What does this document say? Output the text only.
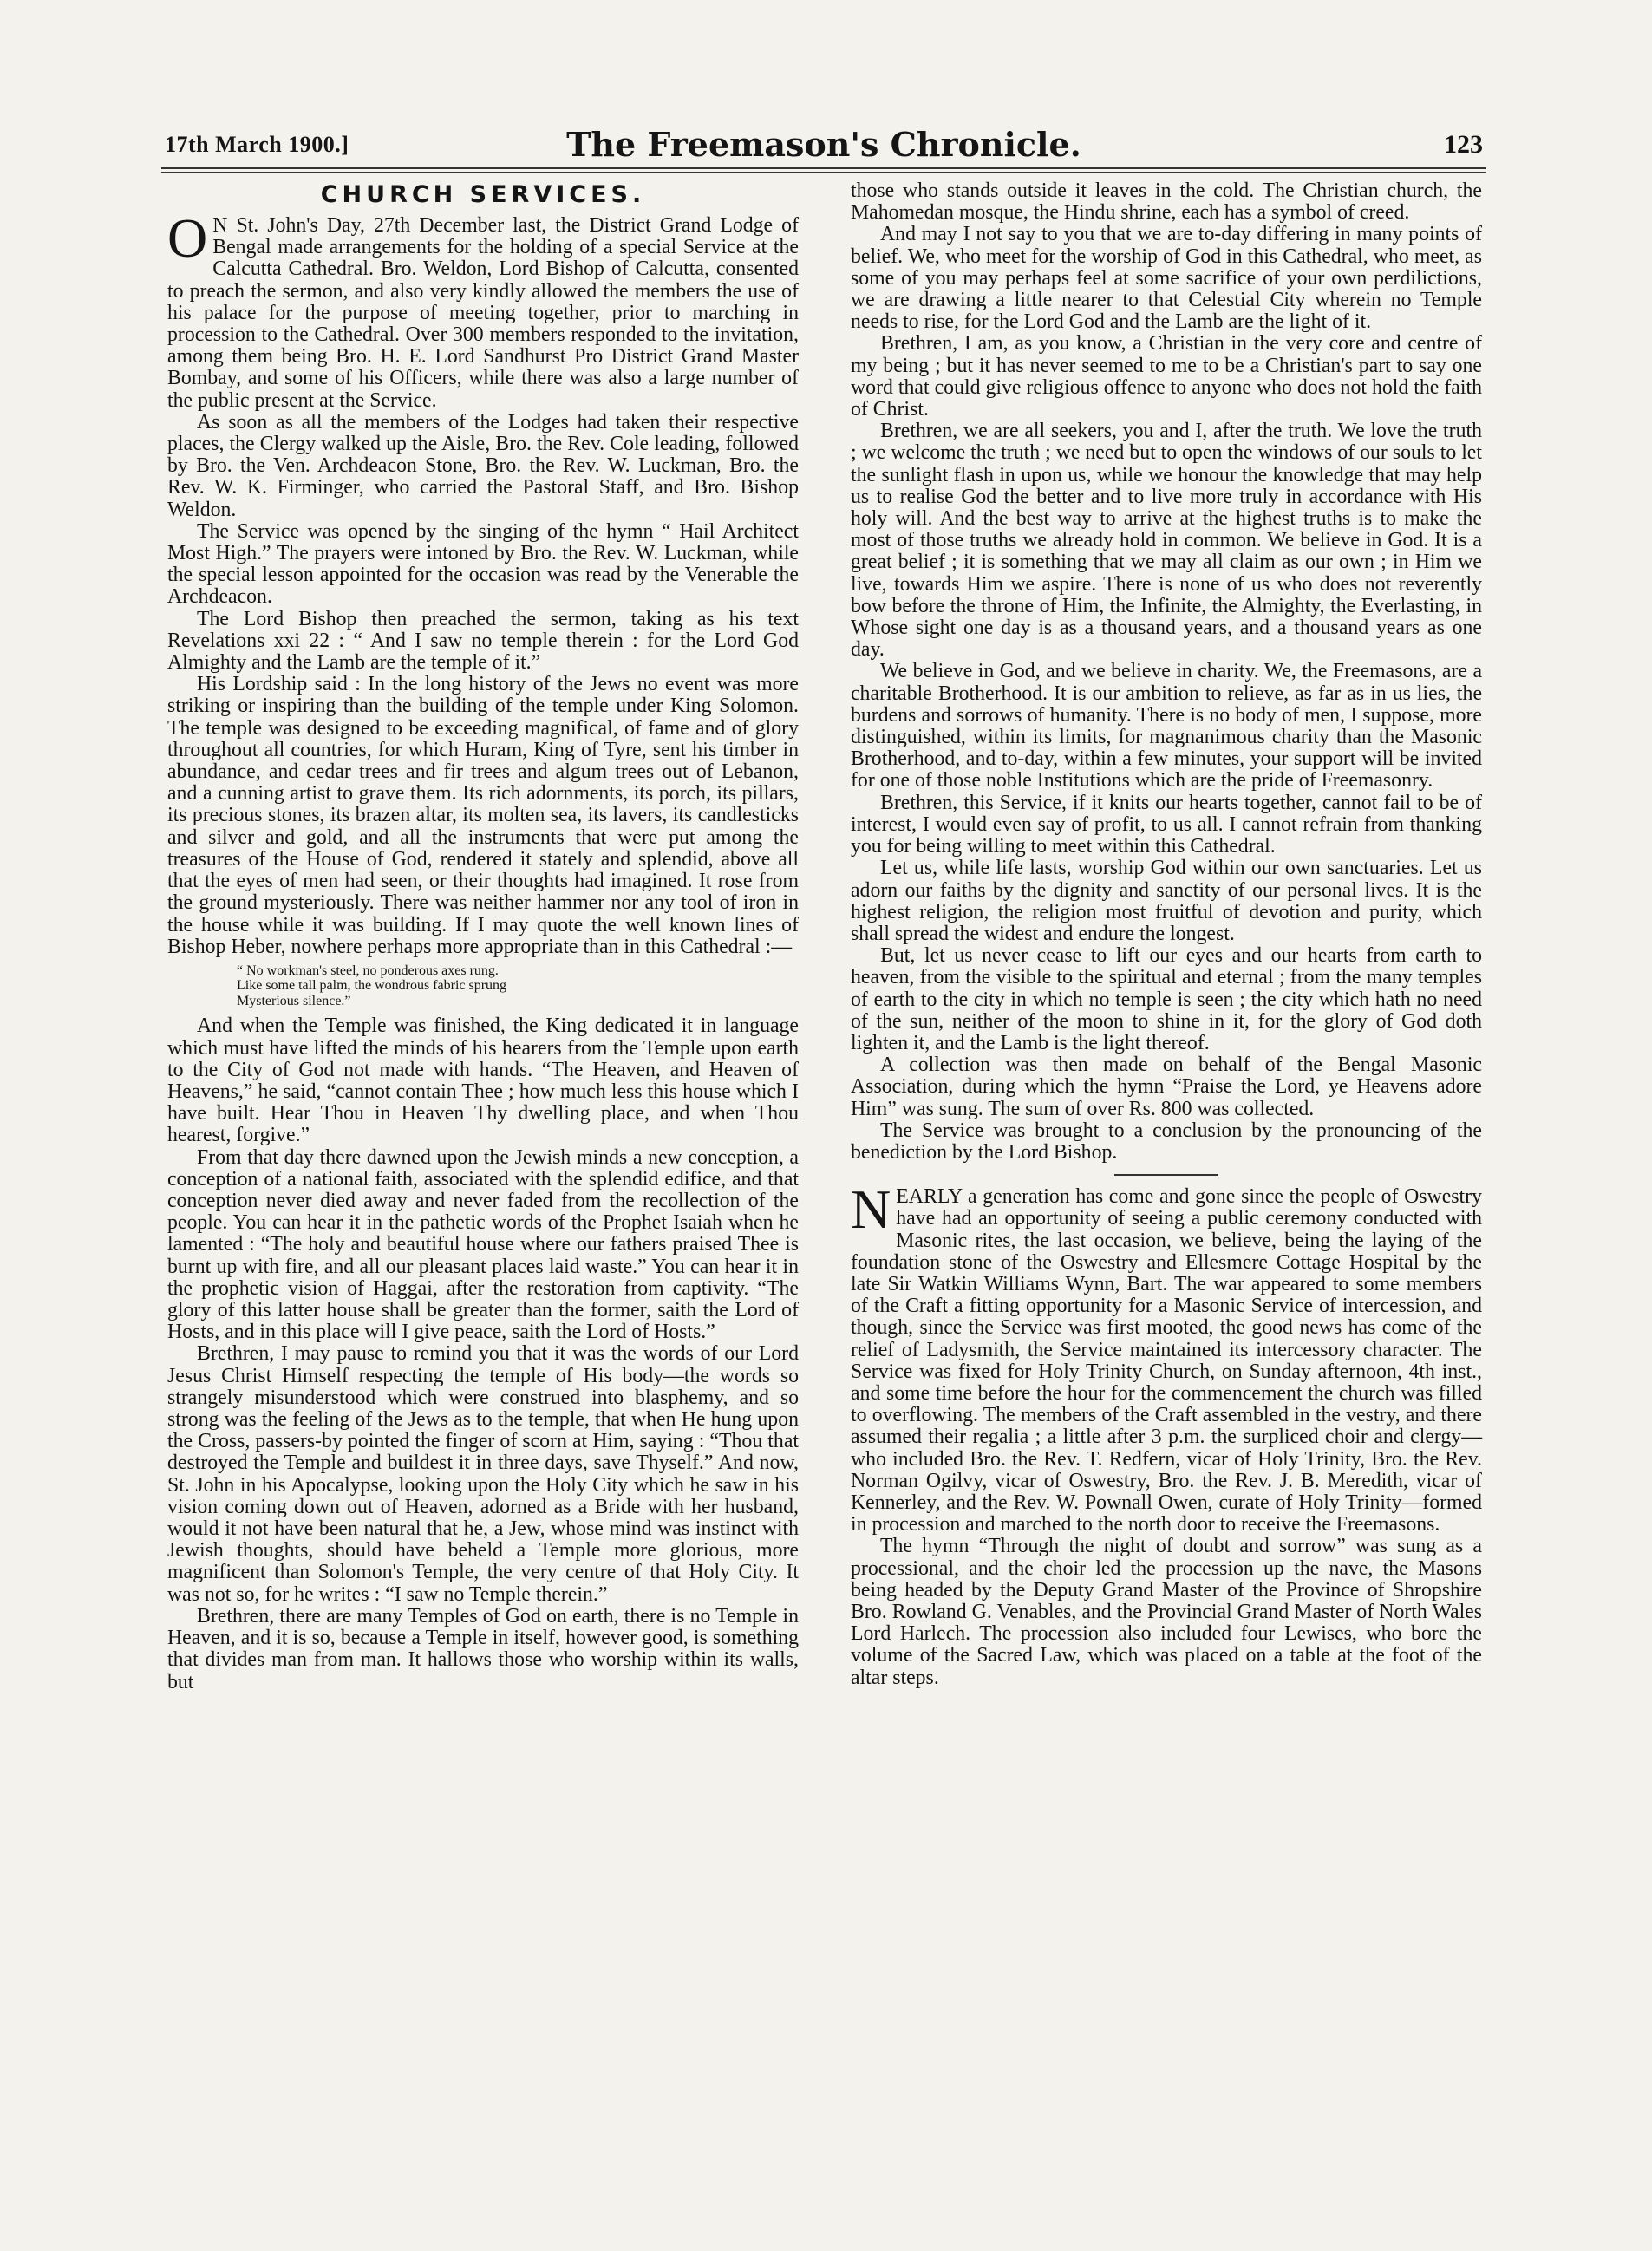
17th March 1900.]	The Freemason's Chronicle.	123
CHURCH SERVICES.

O N St. John's Day, 27th December last, the District Grand Lodge of Bengal made arrangements for the holding of a special Service at the Calcutta Cathedral. Bro. Weldon, Lord Bishop of Calcutta, consented to preach the sermon, and also very kindly allowed the members the use of his palace for the purpose of meeting together, prior to marching in procession to the Cathedral. Over 300 members responded to the invitation, among them being Bro. H. E. Lord Sandhurst Pro District Grand Master Bombay, and some of his Officers, while there was also a large number of the public present at the Service.

As soon as all the members of the Lodges had taken their respective places, the Clergy walked up the Aisle, Bro. the Rev. Cole leading, followed by Bro. the Ven. Archdeacon Stone, Bro. the Rev. W. Luckman, Bro. the Rev. W. K. Firminger, who carried the Pastoral Staff, and Bro. Bishop Weldon.

The Service was opened by the singing of the hymn “ Hail Architect Most High.” The prayers were intoned by Bro. the Rev. W. Luckman, while the special lesson appointed for the occasion was read by the Venerable the Archdeacon.

The Lord Bishop then preached the sermon, taking as his text Revelations xxi 22 : “ And I saw no temple therein : for the Lord God Almighty and the Lamb are the temple of it.”

His Lordship said : In the long history of the Jews no event was more striking or inspiring than the building of the temple under King Solomon. The temple was designed to be exceeding magnifical, of fame and of glory throughout all countries, for which Huram, King of Tyre, sent his timber in abundance, and cedar trees and fir trees and algum trees out of Lebanon, and a cunning artist to grave them. Its rich adornments, its porch, its pillars, its precious stones, its brazen altar, its molten sea, its lavers, its candlesticks and silver and gold, and all the instruments that were put among the treasures of the House of God, rendered it stately and splendid, above all that the eyes of men had seen, or their thoughts had imagined. It rose from the ground mysteriously. There was neither hammer nor any tool of iron in the house while it was building. If I may quote the well known lines of Bishop Heber, nowhere perhaps more appropriate than in this Cathedral :—

“ No workman's steel, no ponderous axes rung.
Like some tall palm, the wondrous fabric sprung
Mysterious silence.”

And when the Temple was finished, the King dedicated it in language which must have lifted the minds of his hearers from the Temple upon earth to the City of God not made with hands. “The Heaven, and Heaven of Heavens,” he said, “cannot contain Thee ; how much less this house which I have built. Hear Thou in Heaven Thy dwelling place, and when Thou hearest, forgive.”

From that day there dawned upon the Jewish minds a new conception, a conception of a national faith, associated with the splendid edifice, and that conception never died away and never faded from the recollection of the people. You can hear it in the pathetic words of the Prophet Isaiah when he lamented : “The holy and beautiful house where our fathers praised Thee is burnt up with fire, and all our pleasant places laid waste.” You can hear it in the prophetic vision of Haggai, after the restoration from captivity. “The glory of this latter house shall be greater than the former, saith the Lord of Hosts, and in this place will I give peace, saith the Lord of Hosts.”

Brethren, I may pause to remind you that it was the words of our Lord Jesus Christ Himself respecting the temple of His body—the words so strangely misunderstood which were construed into blasphemy, and so strong was the feeling of the Jews as to the temple, that when He hung upon the Cross, passers-by pointed the finger of scorn at Him, saying : “Thou that destroyed the Temple and buildest it in three days, save Thyself.” And now, St. John in his Apocalypse, looking upon the Holy City which he saw in his vision coming down out of Heaven, adorned as a Bride with her husband, would it not have been natural that he, a Jew, whose mind was instinct with Jewish thoughts, should have beheld a Temple more glorious, more magnificent than Solomon's Temple, the very centre of that Holy City. It was not so, for he writes : “I saw no Temple therein.”

Brethren, there are many Temples of God on earth, there is no Temple in Heaven, and it is so, because a Temple in itself, however good, is something that divides man from man. It hallows those who worship within its walls, but

those who stands outside it leaves in the cold. The Christian church, the Mahomedan mosque, the Hindu shrine, each has a symbol of creed.

And may I not say to you that we are to-day differing in many points of belief. We, who meet for the worship of God in this Cathedral, who meet, as some of you may perhaps feel at some sacrifice of your own perdilictions, we are drawing a little nearer to that Celestial City wherein no Temple needs to rise, for the Lord God and the Lamb are the light of it.

Brethren, I am, as you know, a Christian in the very core and centre of my being ; but it has never seemed to me to be a Christian's part to say one word that could give religious offence to anyone who does not hold the faith of Christ.

Brethren, we are all seekers, you and I, after the truth. We love the truth ; we welcome the truth ; we need but to open the windows of our souls to let the sunlight flash in upon us, while we honour the knowledge that may help us to realise God the better and to live more truly in accordance with His holy will. And the best way to arrive at the highest truths is to make the most of those truths we already hold in common. We believe in God. It is a great belief ; it is something that we may all claim as our own ; in Him we live, towards Him we aspire. There is none of us who does not reverently bow before the throne of Him, the Infinite, the Almighty, the Everlasting, in Whose sight one day is as a thousand years, and a thousand years as one day.

We believe in God, and we believe in charity. We, the Freemasons, are a charitable Brotherhood. It is our ambition to relieve, as far as in us lies, the burdens and sorrows of humanity. There is no body of men, I suppose, more distinguished, within its limits, for magnanimous charity than the Masonic Brotherhood, and to-day, within a few minutes, your support will be invited for one of those noble Institutions which are the pride of Freemasonry.

Brethren, this Service, if it knits our hearts together, cannot fail to be of interest, I would even say of profit, to us all. I cannot refrain from thanking you for being willing to meet within this Cathedral.

Let us, while life lasts, worship God within our own sanctuaries. Let us adorn our faiths by the dignity and sanctity of our personal lives. It is the highest religion, the religion most fruitful of devotion and purity, which shall spread the widest and endure the longest.

But, let us never cease to lift our eyes and our hearts from earth to heaven, from the visible to the spiritual and eternal ; from the many temples of earth to the city in which no temple is seen ; the city which hath no need of the sun, neither of the moon to shine in it, for the glory of God doth lighten it, and the Lamb is the light thereof.

A collection was then made on behalf of the Bengal Masonic Association, during which the hymn “Praise the Lord, ye Heavens adore Him” was sung. The sum of over Rs. 800 was collected.

The Service was brought to a conclusion by the pronouncing of the benediction by the Lord Bishop.

NEARLY a generation has come and gone since the people of Oswestry have had an opportunity of seeing a public ceremony conducted with Masonic rites, the last occasion, we believe, being the laying of the foundation stone of the Oswestry and Ellesmere Cottage Hospital by the late Sir Watkin Williams Wynn, Bart. The war appeared to some members of the Craft a fitting opportunity for a Masonic Service of intercession, and though, since the Service was first mooted, the good news has come of the relief of Ladysmith, the Service maintained its intercessory character. The Service was fixed for Holy Trinity Church, on Sunday afternoon, 4th inst., and some time before the hour for the commencement the church was filled to overflowing. The members of the Craft assembled in the vestry, and there assumed their regalia ; a little after 3 p.m. the surpliced choir and clergy—who included Bro. the Rev. T. Redfern, vicar of Holy Trinity, Bro. the Rev. Norman Ogilvy, vicar of Oswestry, Bro. the Rev. J. B. Meredith, vicar of Kennerley, and the Rev. W. Pownall Owen, curate of Holy Trinity—formed in procession and marched to the north door to receive the Freemasons.

The hymn “Through the night of doubt and sorrow” was sung as a processional, and the choir led the procession up the nave, the Masons being headed by the Deputy Grand Master of the Province of Shropshire Bro. Rowland G. Venables, and the Provincial Grand Master of North Wales Lord Harlech. The procession also included four Lewises, who bore the volume of the Sacred Law, which was placed on a table at the foot of the altar steps.
